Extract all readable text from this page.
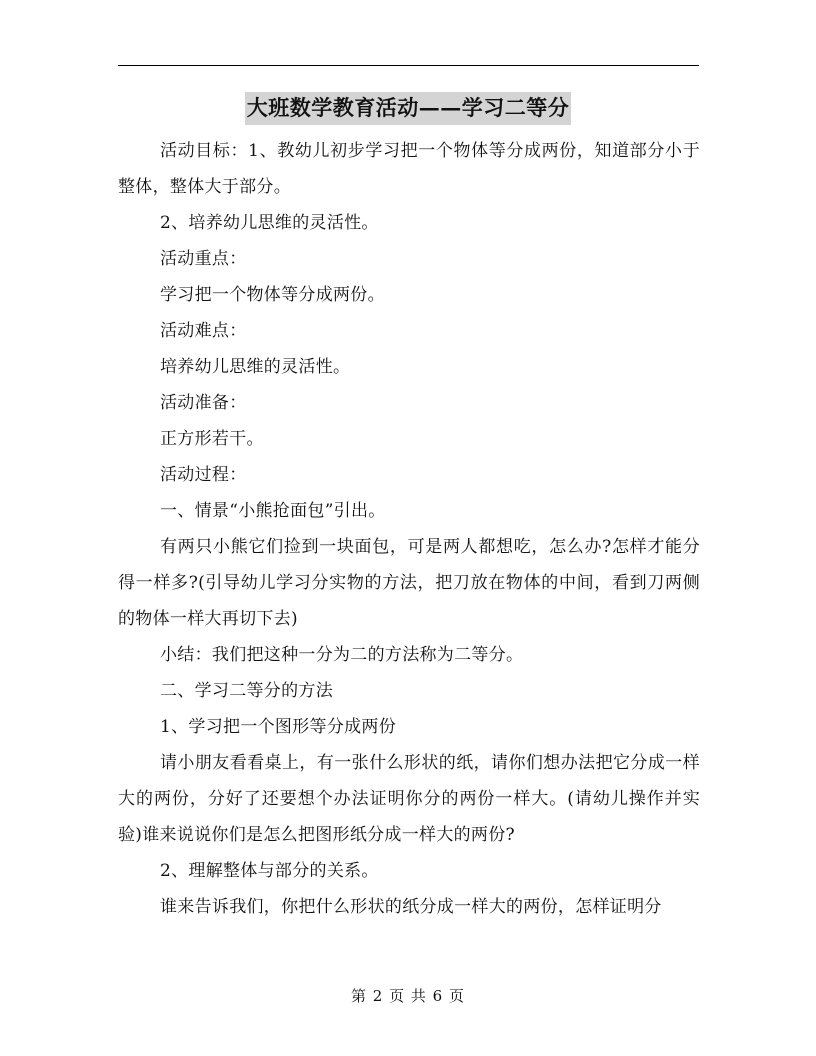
大班数学教育活动——学习二等分

活动目标：1、教幼儿初步学习把一个物体等分成两份，知道部分小于整体，整体大于部分。

2、培养幼儿思维的灵活性。

活动重点：

学习把一个物体等分成两份。

活动难点：

培养幼儿思维的灵活性。

活动准备：

正方形若干。

活动过程：

一、情景“小熊抢面包”引出。

有两只小熊它们捡到一块面包，可是两人都想吃，怎么办?怎样才能分得一样多?(引导幼儿学习分实物的方法，把刀放在物体的中间，看到刀两侧的物体一样大再切下去)

小结：我们把这种一分为二的方法称为二等分。

二、学习二等分的方法

1、学习把一个图形等分成两份

请小朋友看看桌上，有一张什么形状的纸，请你们想办法把它分成一样大的两份，分好了还要想个办法证明你分的两份一样大。(请幼儿操作并实验)谁来说说你们是怎么把图形纸分成一样大的两份?

2、理解整体与部分的关系。

谁来告诉我们，你把什么形状的纸分成一样大的两份，怎样证明分

第 2 页 共 6 页
